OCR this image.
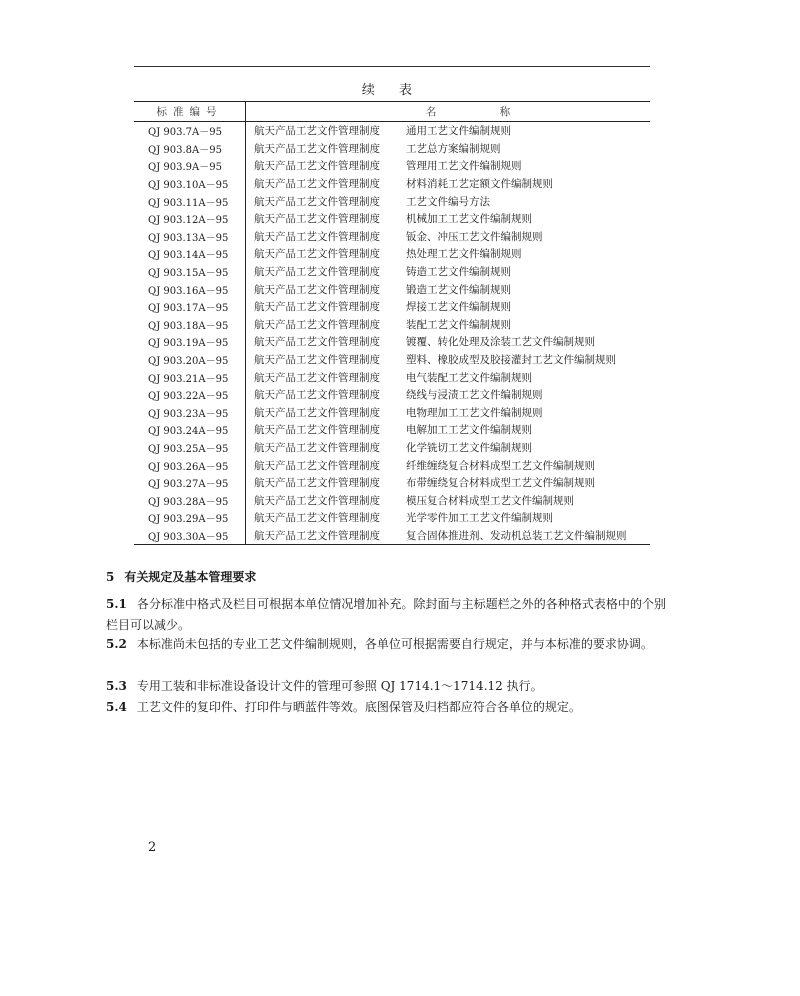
续 表
标准编号	名 称
QJ 903.7A－95	航天产品工艺文件管理制度 通用工艺文件编制规则
QJ 903.8A－95	航天产品工艺文件管理制度 工艺总方案编制规则
QJ 903.9A－95	航天产品工艺文件管理制度 管理用工艺文件编制规则
QJ 903.10A－95	航天产品工艺文件管理制度 材料消耗工艺定额文件编制规则
QJ 903.11A－95	航天产品工艺文件管理制度 工艺文件编号方法
QJ 903.12A－95	航天产品工艺文件管理制度 机械加工工艺文件编制规则
QJ 903.13A－95	航天产品工艺文件管理制度 钣金、冲压工艺文件编制规则
QJ 903.14A－95	航天产品工艺文件管理制度 热处理工艺文件编制规则
QJ 903.15A－95	航天产品工艺文件管理制度 铸造工艺文件编制规则
QJ 903.16A－95	航天产品工艺文件管理制度 锻造工艺文件编制规则
QJ 903.17A－95	航天产品工艺文件管理制度 焊接工艺文件编制规则
QJ 903.18A－95	航天产品工艺文件管理制度 装配工艺文件编制规则
QJ 903.19A－95	航天产品工艺文件管理制度 镀覆、转化处理及涂装工艺文件编制规则
QJ 903.20A－95	航天产品工艺文件管理制度 塑料、橡胶成型及胶接灌封工艺文件编制规则
QJ 903.21A－95	航天产品工艺文件管理制度 电气装配工艺文件编制规则
QJ 903.22A－95	航天产品工艺文件管理制度 绕线与浸渍工艺文件编制规则
QJ 903.23A－95	航天产品工艺文件管理制度 电物理加工工艺文件编制规则
QJ 903.24A－95	航天产品工艺文件管理制度 电解加工工艺文件编制规则
QJ 903.25A－95	航天产品工艺文件管理制度 化学铣切工艺文件编制规则
QJ 903.26A－95	航天产品工艺文件管理制度 纤维缠绕复合材料成型工艺文件编制规则
QJ 903.27A－95	航天产品工艺文件管理制度 布带缠绕复合材料成型工艺文件编制规则
QJ 903.28A－95	航天产品工艺文件管理制度 模压复合材料成型工艺文件编制规则
QJ 903.29A－95	航天产品工艺文件管理制度 光学零件加工工艺文件编制规则
QJ 903.30A－95	航天产品工艺文件管理制度 复合固体推进剂、发动机总装工艺文件编制规则
5 有关规定及基本管理要求
5.1 各分标准中格式及栏目可根据本单位情况增加补充。除封面与主标题栏之外的各种格式表格中的个别栏目可以减少。
5.2 本标准尚未包括的专业工艺文件编制规则，各单位可根据需要自行规定，并与本标准的要求协调。
5.3 专用工装和非标准设备设计文件的管理可参照 QJ 1714.1～1714.12 执行。
5.4 工艺文件的复印件、打印件与晒蓝件等效。底图保管及归档都应符合各单位的规定。
2
